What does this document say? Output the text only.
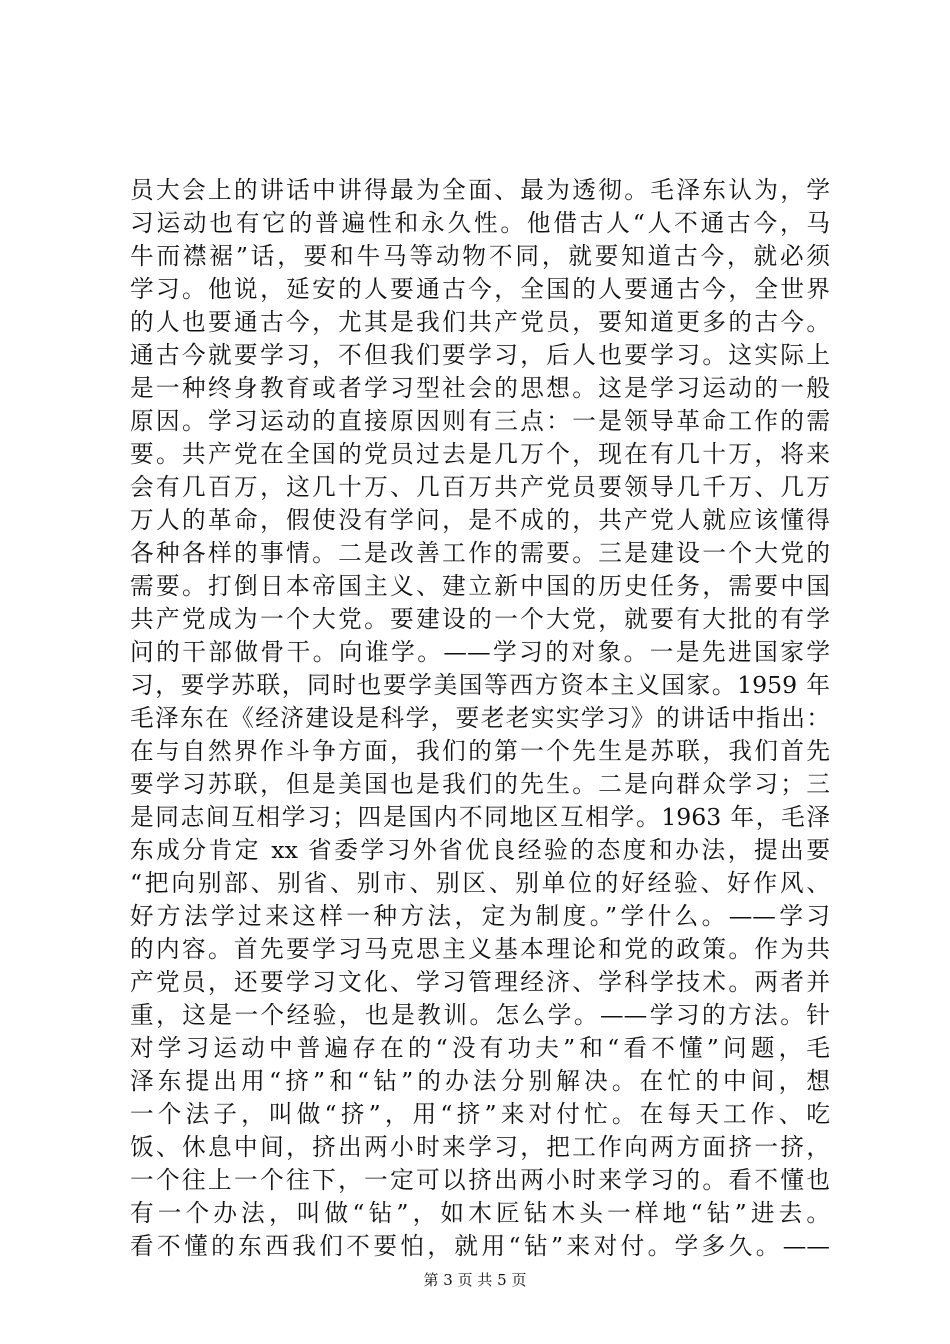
员大会上的讲话中讲得最为全面、最为透彻。毛泽东认为，学
习运动也有它的普遍性和永久性。他借古人“人不通古今，马
牛而襟裾”话，要和牛马等动物不同，就要知道古今，就必须
学习。他说，延安的人要通古今，全国的人要通古今，全世界
的人也要通古今，尤其是我们共产党员，要知道更多的古今。
通古今就要学习，不但我们要学习，后人也要学习。这实际上
是一种终身教育或者学习型社会的思想。这是学习运动的一般
原因。学习运动的直接原因则有三点：一是领导革命工作的需
要。共产党在全国的党员过去是几万个，现在有几十万，将来
会有几百万，这几十万、几百万共产党员要领导几千万、几万
万人的革命，假使没有学问，是不成的，共产党人就应该懂得
各种各样的事情。二是改善工作的需要。三是建设一个大党的
需要。打倒日本帝国主义、建立新中国的历史任务，需要中国
共产党成为一个大党。要建设的一个大党，就要有大批的有学
问的干部做骨干。向谁学。——学习的对象。一是先进国家学
习，要学苏联，同时也要学美国等西方资本主义国家。1959 年
毛泽东在《经济建设是科学，要老老实实学习》的讲话中指出：
在与自然界作斗争方面，我们的第一个先生是苏联，我们首先
要学习苏联，但是美国也是我们的先生。二是向群众学习；三
是同志间互相学习；四是国内不同地区互相学。1963 年，毛泽
东成分肯定 xx 省委学习外省优良经验的态度和办法，提出要
“把向别部、别省、别市、别区、别单位的好经验、好作风、
好方法学过来这样一种方法，定为制度。”学什么。——学习
的内容。首先要学习马克思主义基本理论和党的政策。作为共
产党员，还要学习文化、学习管理经济、学科学技术。两者并
重，这是一个经验，也是教训。怎么学。——学习的方法。针
对学习运动中普遍存在的“没有功夫”和“看不懂”问题，毛
泽东提出用“挤”和“钻”的办法分别解决。在忙的中间，想
一个法子，叫做“挤”，用“挤”来对付忙。在每天工作、吃
饭、休息中间，挤出两小时来学习，把工作向两方面挤一挤，
一个往上一个往下，一定可以挤出两小时来学习的。看不懂也
有一个办法，叫做“钻”，如木匠钻木头一样地“钻”进去。
看不懂的东西我们不要怕，就用“钻”来对付。学多久。——
第 3 页 共 5 页
